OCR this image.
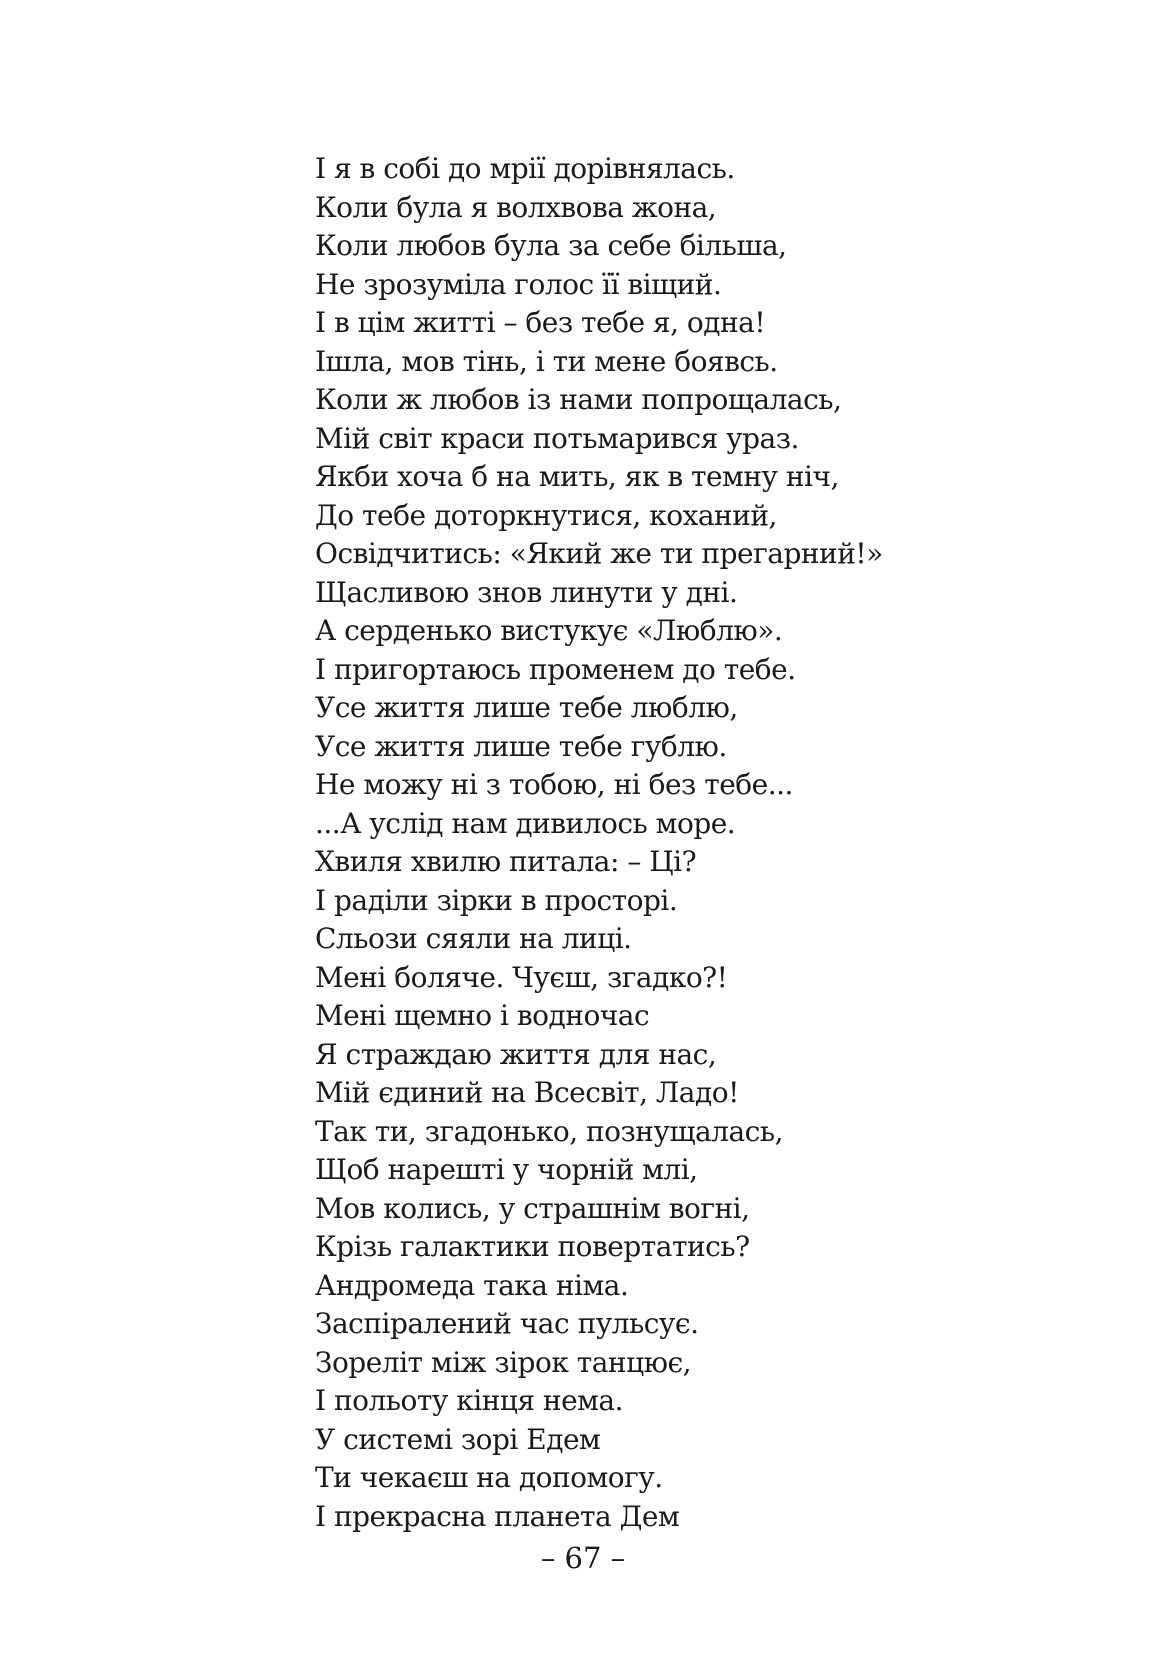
І я в собі до мрії дорівнялась.
Коли була я волхвова жона,
Коли любов була за себе більша,
Не зрозуміла голос її віщий.
І в цім житті – без тебе я, одна!
Ішла, мов тінь, і ти мене боявсь.
Коли ж любов із нами попрощалась,
Мій світ краси потьмарився ураз.
Якби хоча б на мить, як в темну ніч,
До тебе доторкнутися, коханий,
Освідчитись: «Який же ти прегарний!»
Щасливою знов линути у дні.
А серденько вистукує «Люблю».
І пригортаюсь променем до тебе.
Усе життя лише тебе люблю,
Усе життя лише тебе гублю.
Не можу ні з тобою, ні без тебе...
...А услід нам дивилось море.
Хвиля хвилю питала: – Ці?
І раділи зірки в просторі.
Сльози сяяли на лиці.
Мені боляче. Чуєш, згадко?!
Мені щемно і водночас
Я страждаю життя для нас,
Мій єдиний на Всесвіт, Ладо!
Так ти, згадонько, познущалась,
Щоб нарешті у чорній млі,
Мов колись, у страшнім вогні,
Крізь галактики повертатись?
Андромеда така німа.
Заспіралений час пульсує.
Зореліт між зірок танцює,
І польоту кінця нема.
У системі зорі Едем
Ти чекаєш на допомогу.
І прекрасна планета Дем
– 67 –
